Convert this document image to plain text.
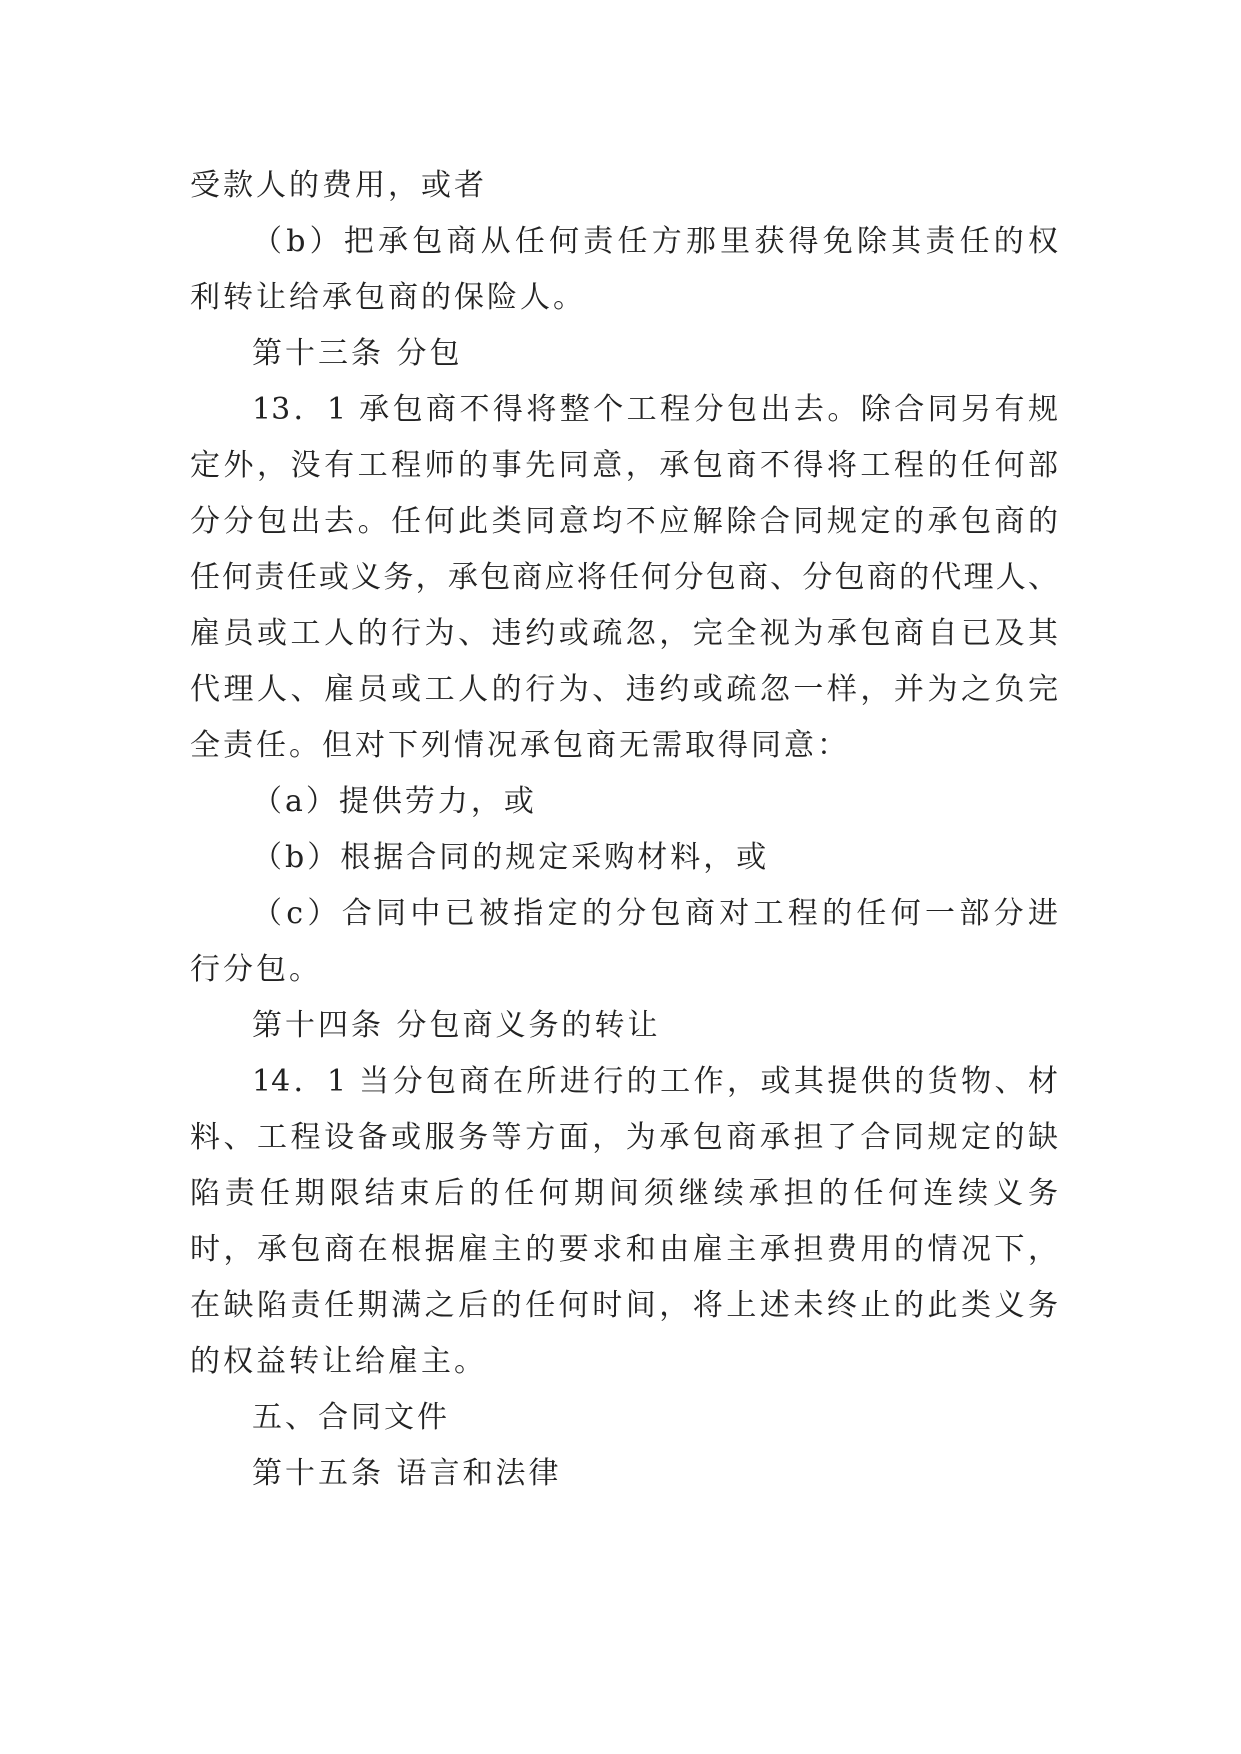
受款人的费用，或者
（b）把承包商从任何责任方那里获得免除其责任的权
利转让给承包商的保险人。
第十三条 分包
13．1 承包商不得将整个工程分包出去。除合同另有规
定外，没有工程师的事先同意，承包商不得将工程的任何部
分分包出去。任何此类同意均不应解除合同规定的承包商的
任何责任或义务，承包商应将任何分包商、分包商的代理人、
雇员或工人的行为、违约或疏忽，完全视为承包商自已及其
代理人、雇员或工人的行为、违约或疏忽一样，并为之负完
全责任。但对下列情况承包商无需取得同意：
（a）提供劳力，或
（b）根据合同的规定采购材料，或
（c）合同中已被指定的分包商对工程的任何一部分进
行分包。
第十四条 分包商义务的转让
14．1 当分包商在所进行的工作，或其提供的货物、材
料、工程设备或服务等方面，为承包商承担了合同规定的缺
陷责任期限结束后的任何期间须继续承担的任何连续义务
时，承包商在根据雇主的要求和由雇主承担费用的情况下，
在缺陷责任期满之后的任何时间，将上述未终止的此类义务
的权益转让给雇主。
五、合同文件
第十五条 语言和法律
